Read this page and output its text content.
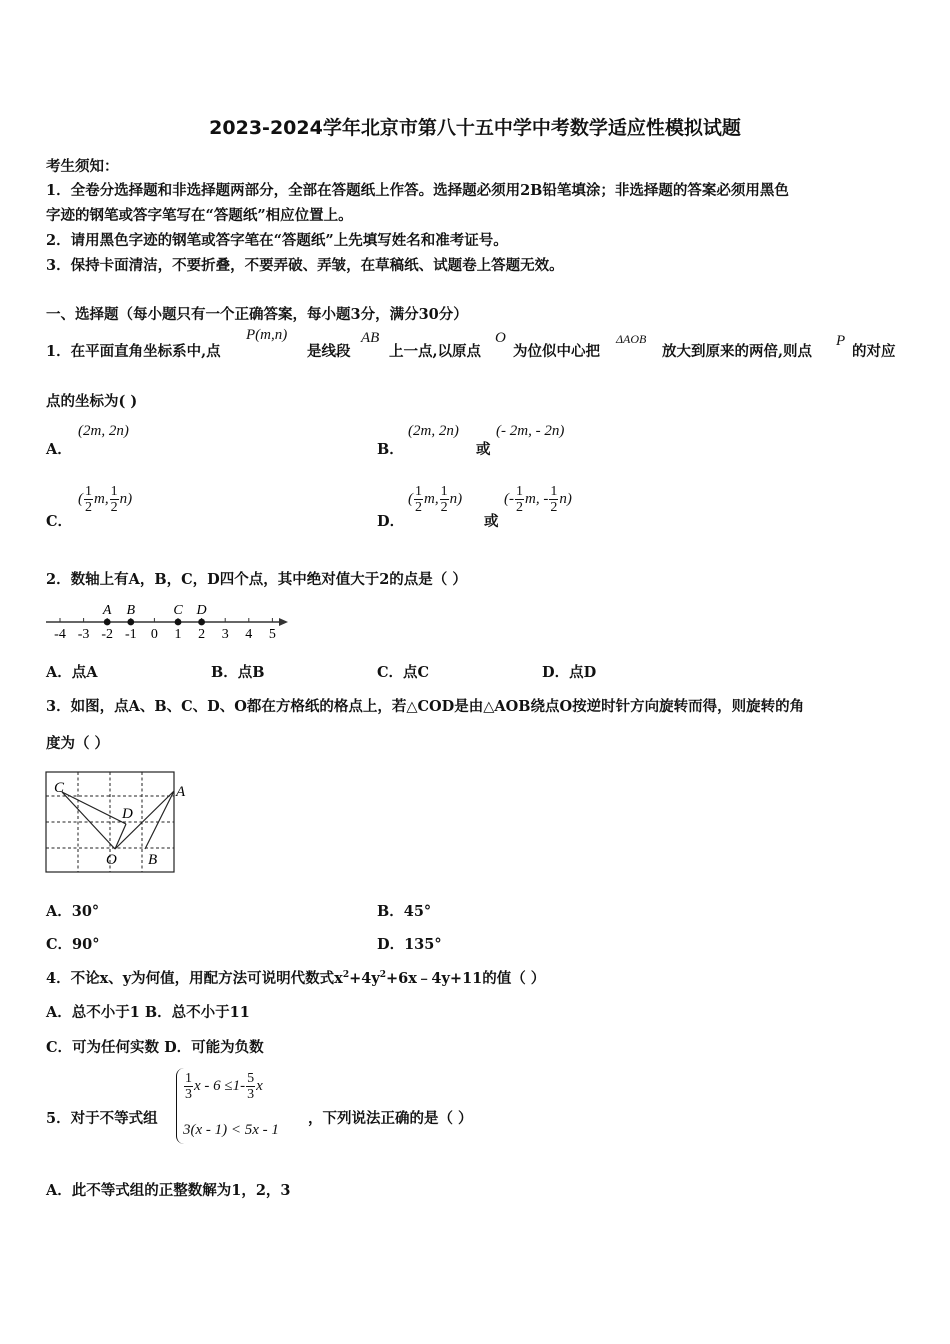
2023-2024学年北京市第八十五中学中考数学适应性模拟试题
考生须知：
1．全卷分选择题和非选择题两部分，全部在答题纸上作答。选择题必须用2B铅笔填涂；非选择题的答案必须用黑色
字迹的钢笔或答字笔写在“答题纸”相应位置上。
2．请用黑色字迹的钢笔或答字笔在“答题纸”上先填写姓名和准考证号。
3．保持卡面清洁，不要折叠，不要弄破、弄皱，在草稿纸、试题卷上答题无效。
一、选择题（每小题只有一个正确答案，每小题3分，满分30分）
1．在平面直角坐标系中,点
P(m,n)
是线段
AB
上一点,以原点
O
为位似中心把
ΔAOB
放大到原来的两倍,则点
P
的对应
点的坐标为( )
A．
(2m, 2n)
B．
(2m, 2n)
或
(- 2m, - 2n)
C．
( $\frac{1}{2} m$, $\frac{1}{2} n$)
D．
( $\frac{1}{2} m$, $\frac{1}{2} n$)
或
(- $\frac{1}{2} m$, - $\frac{1}{2} n$)
2．数轴上有A，B，C，D四个点，其中绝对值大于2的点是（ ）
-4 -3 -2 -1 0 1 2 3 4 5
A B	C D
A．点A	B．点B	C．点C	D．点D
3．如图，点A、B、C、D、O都在方格纸的格点上，若△COD是由△AOB绕点O按逆时针方向旋转而得，则旋转的角
度为（ ）
C	A
D
O B
A．30°	B．45°
C．90°	D．135°
4．不论x、y为何值，用配方法可说明代数式$x^2+4y^2+6x﹣4y+11$的值（ ）
A．总不小于1 B．总不小于11
C．可为任何实数 D．可能为负数
5．对于不等式组
$\frac{1}{3}$ $x - 6 \le 1- \frac{5}{3}$ x
3(x - 1) < 5x - 1
，下列说法正确的是（ ）
A．此不等式组的正整数解为1，2，3
